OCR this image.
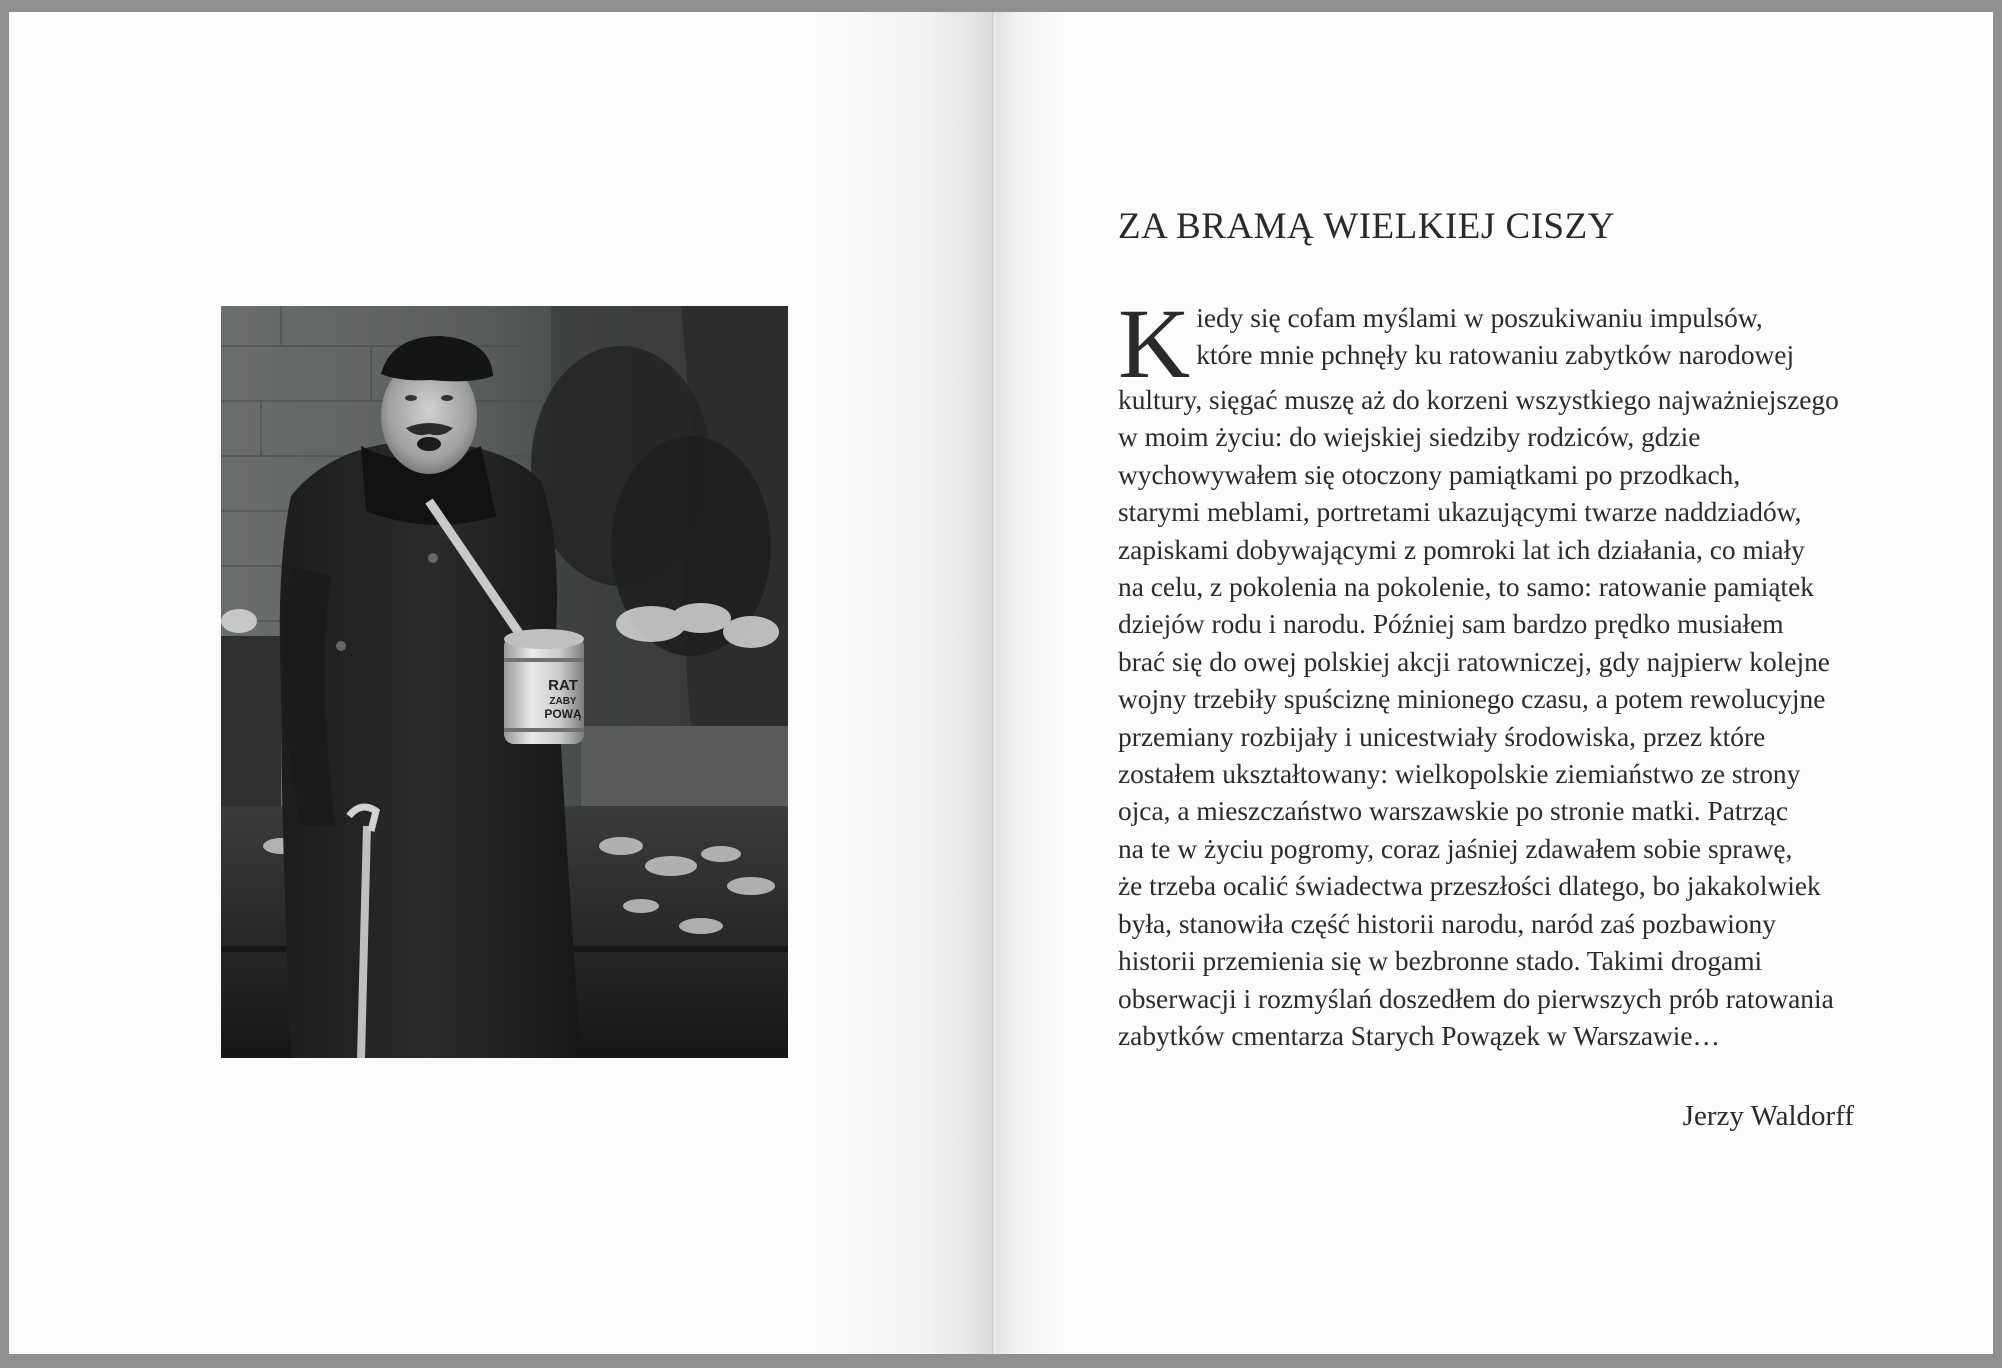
RAT
ZABY
POWĄ
ZA BRAMĄ WIELKIEJ CISZY
K iedy się cofam myślami w poszukiwaniu impulsów,
które mnie pchnęły ku ratowaniu zabytków narodowej
kultury, sięgać muszę aż do korzeni wszystkiego najważniejszego
w moim życiu: do wiejskiej siedziby rodziców, gdzie
wychowywałem się otoczony pamiątkami po przodkach,
starymi meblami, portretami ukazującymi twarze naddziadów,
zapiskami dobywającymi z pomroki lat ich działania, co miały
na celu, z pokolenia na pokolenie, to samo: ratowanie pamiątek
dziejów rodu i narodu. Później sam bardzo prędko musiałem
brać się do owej polskiej akcji ratowniczej, gdy najpierw kolejne
wojny trzebiły spuściznę minionego czasu, a potem rewolucyjne
przemiany rozbijały i unicestwiały środowiska, przez które
zostałem ukształtowany: wielkopolskie ziemiaństwo ze strony
ojca, a mieszczaństwo warszawskie po stronie matki. Patrząc
na te w życiu pogromy, coraz jaśniej zdawałem sobie sprawę,
że trzeba ocalić świadectwa przeszłości dlatego, bo jakakolwiek
była, stanowiła część historii narodu, naród zaś pozbawiony
historii przemienia się w bezbronne stado. Takimi drogami
obserwacji i rozmyślań doszedłem do pierwszych prób ratowania
zabytków cmentarza Starych Powązek w Warszawie…
Jerzy Waldorff
